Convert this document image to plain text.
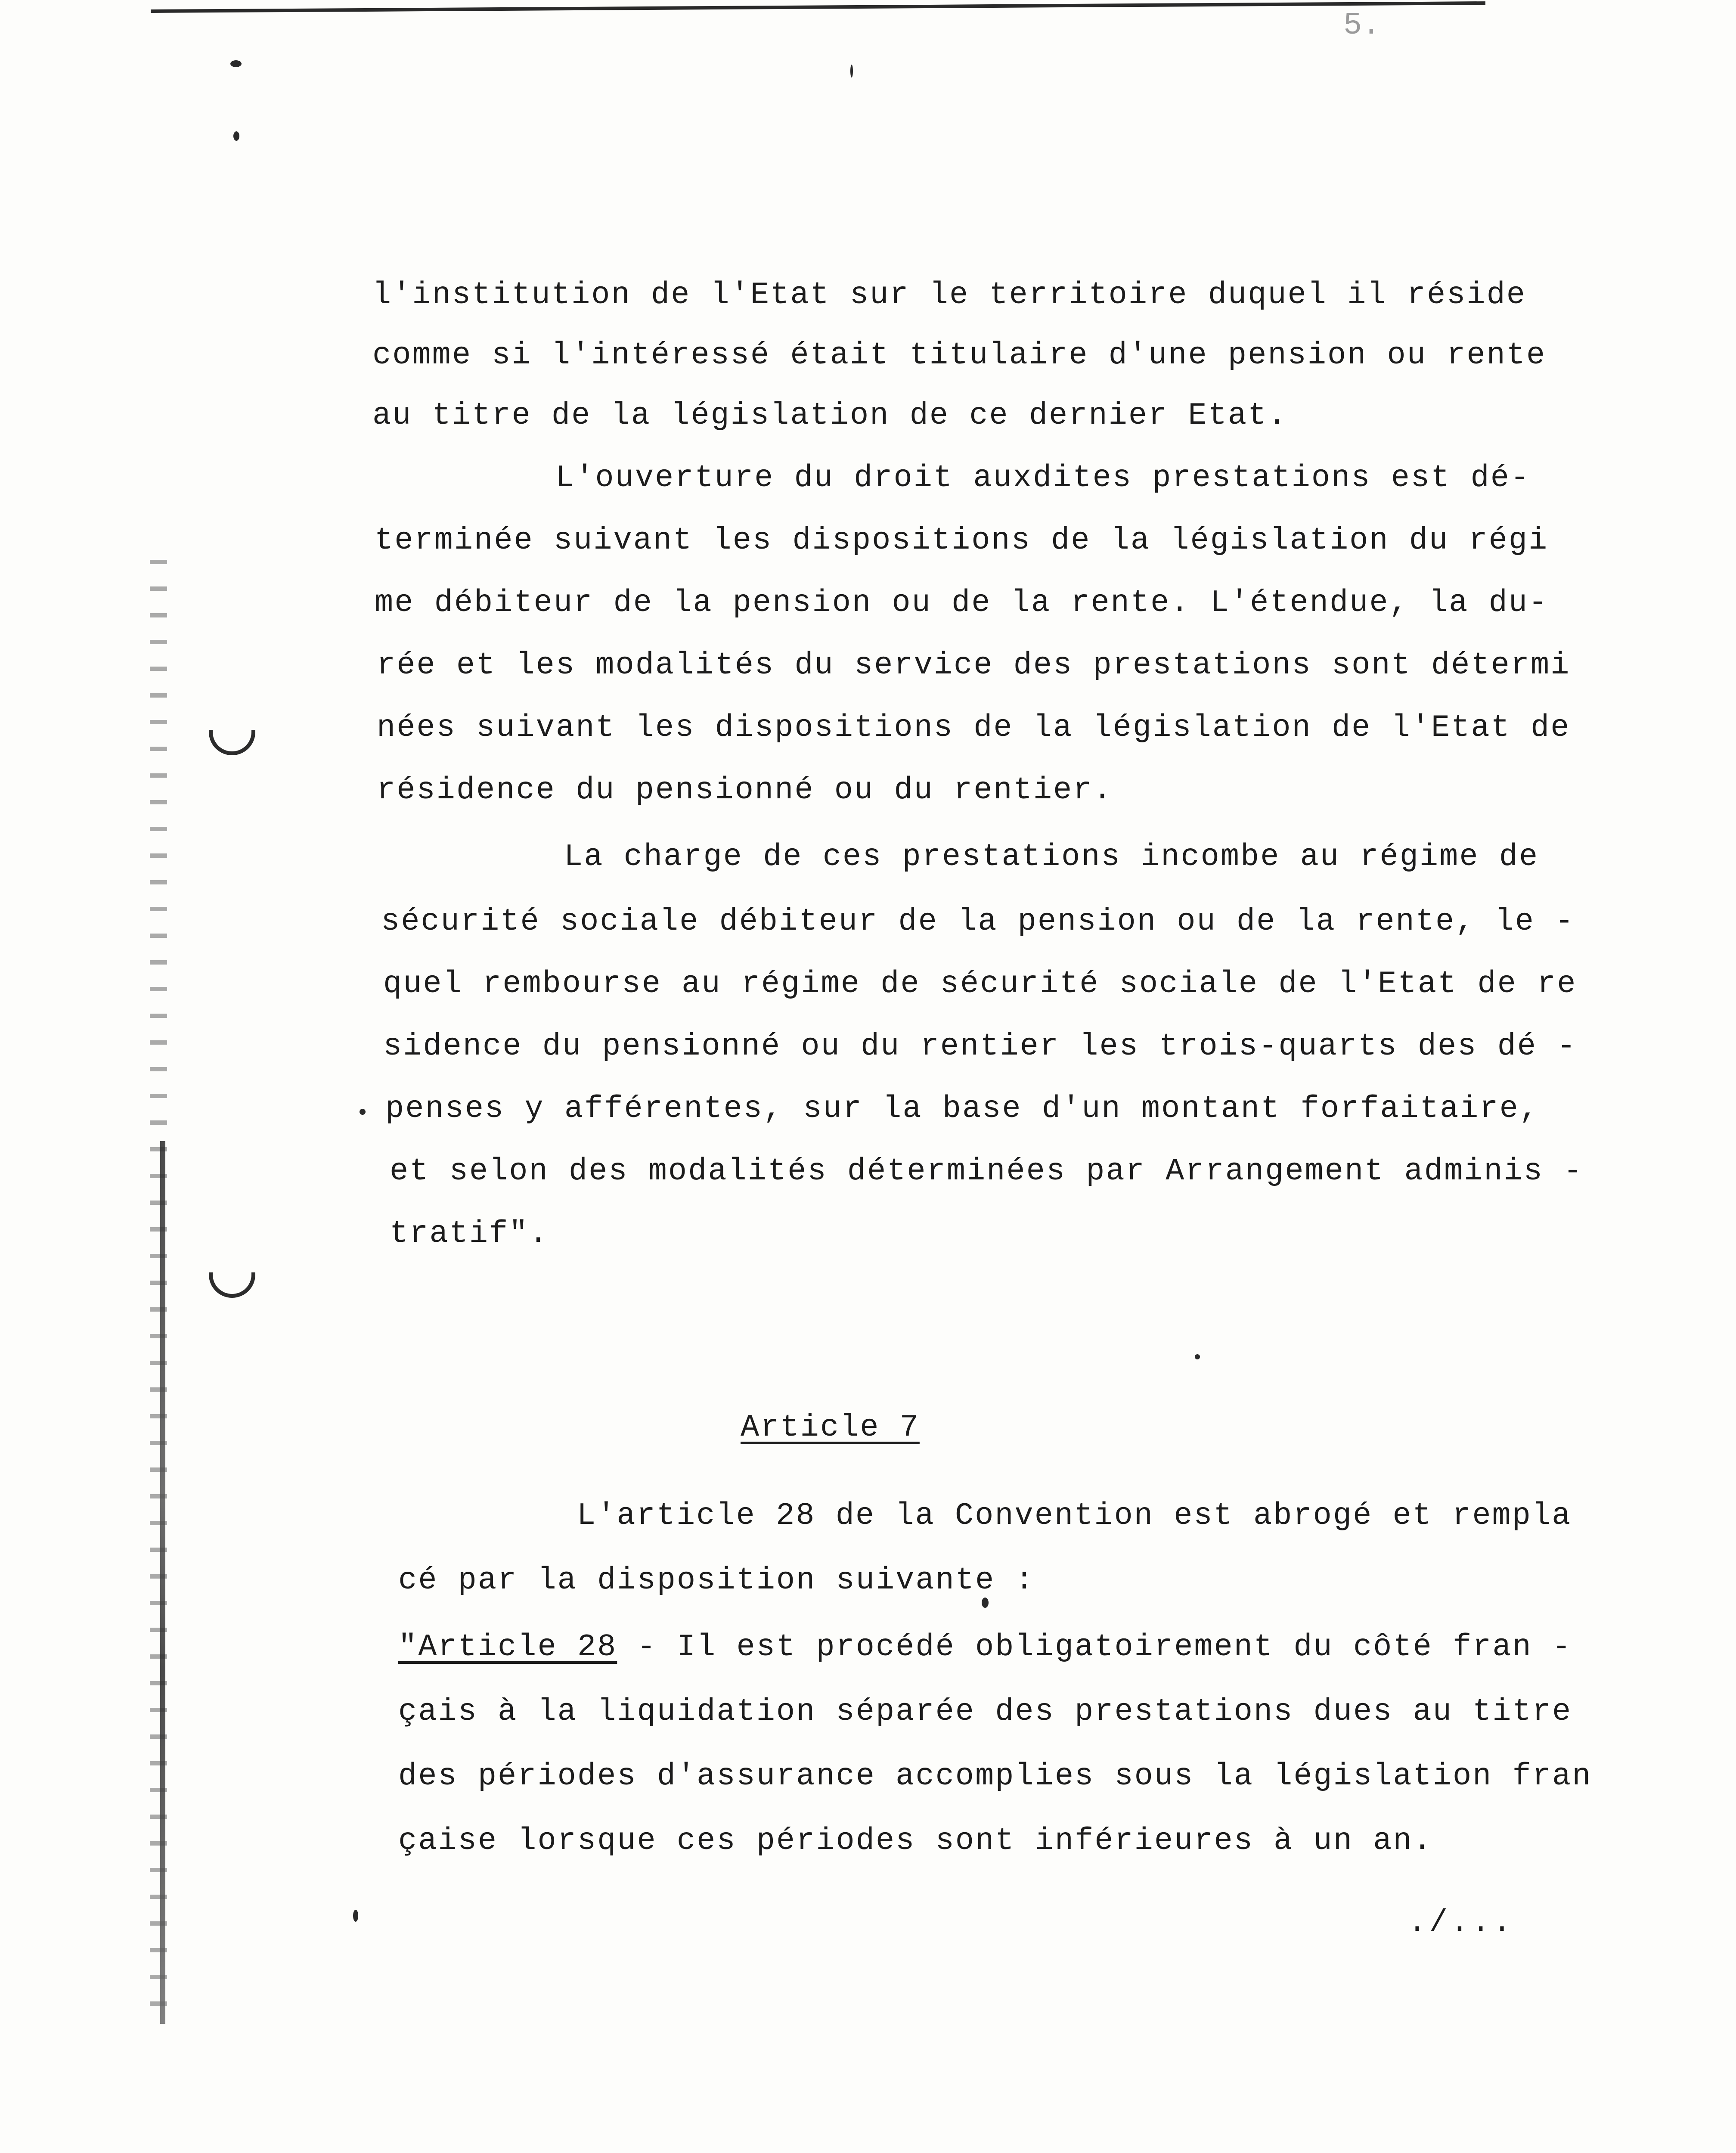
5.
l'institution de l'Etat sur le territoire duquel il réside
comme si l'intéressé était titulaire d'une pension ou rente
au titre de la législation de ce dernier Etat.
L'ouverture du droit auxdites prestations est dé-
terminée suivant les dispositions de la législation du régi
me débiteur de la pension ou de la rente. L'étendue, la du-
rée et les modalités du service des prestations sont détermi
nées suivant les dispositions de la législation de l'Etat de
résidence du pensionné ou du rentier.
La charge de ces prestations incombe au régime de
sécurité sociale débiteur de la pension ou de la rente, le -
quel rembourse au régime de sécurité sociale de l'Etat de re
sidence du pensionné ou du rentier les trois-quarts des dé -
penses y afférentes, sur la base d'un montant forfaitaire,
et selon des modalités déterminées par Arrangement adminis -
tratif".
Article 7
L'article 28 de la Convention est abrogé et rempla
cé par la disposition suivante :
"Article 28 - Il est procédé obligatoirement du côté fran -
çais à la liquidation séparée des prestations dues au titre
des périodes d'assurance accomplies sous la législation fran
çaise lorsque ces périodes sont inférieures à un an.
./...
